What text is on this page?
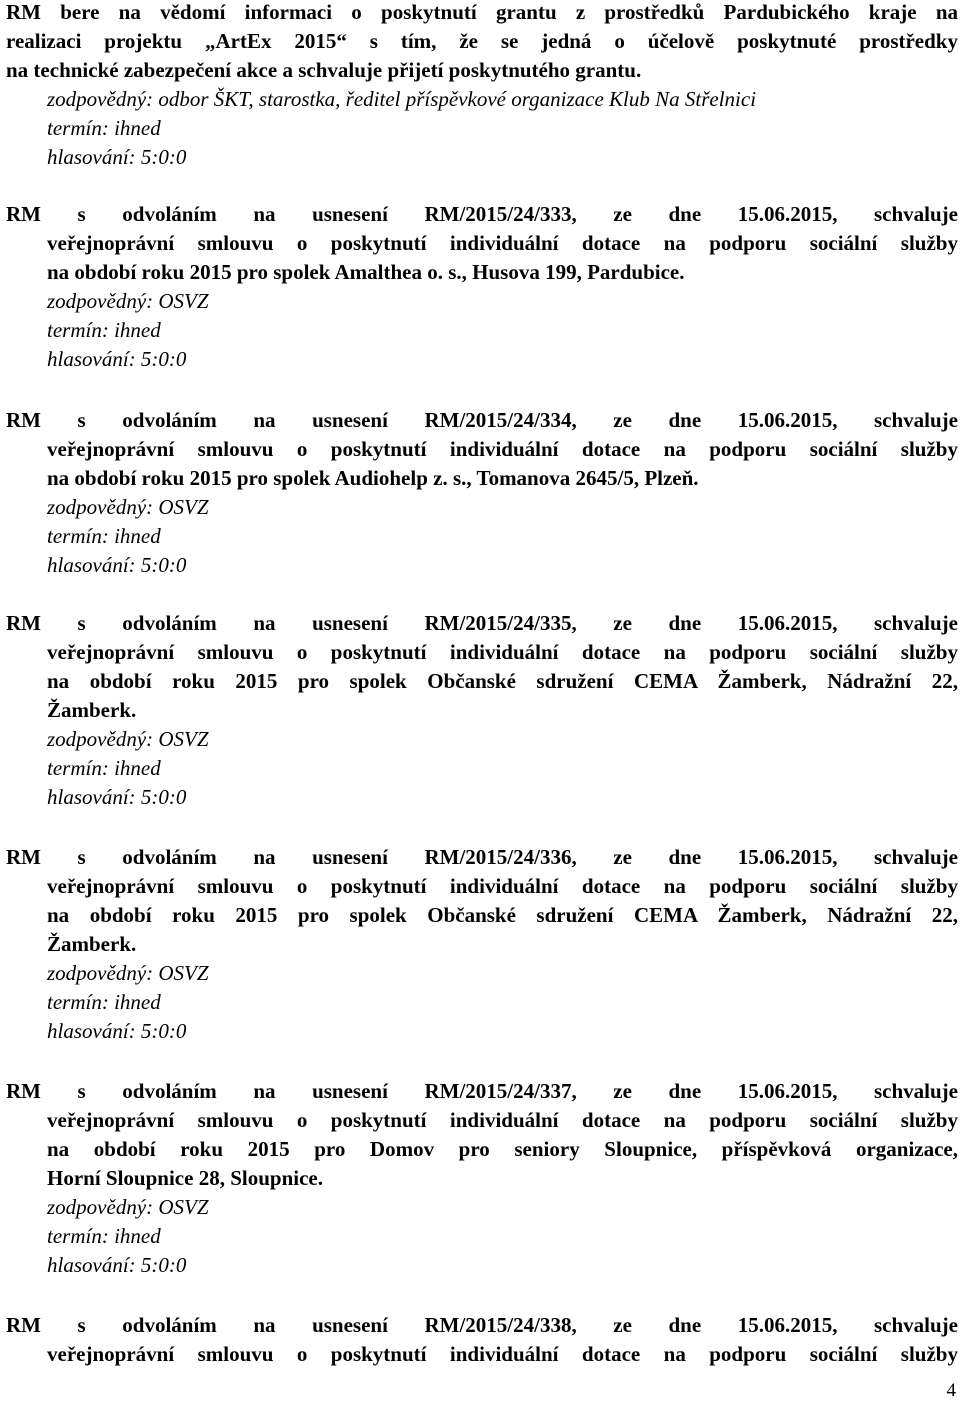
RM bere na vědomí informaci o poskytnutí grantu z prostředků Pardubického kraje na
realizaci projektu „ArtEx 2015“ s tím, že se jedná o účelově poskytnuté prostředky
na technické zabezpečení akce a schvaluje přijetí poskytnutého grantu.
zodpovědný: odbor ŠKT, starostka, ředitel příspěvkové organizace Klub Na Střelnici
termín: ihned
hlasování: 5:0:0
RM s odvoláním na usnesení RM/2015/24/333, ze dne 15.06.2015, schvaluje
veřejnoprávní smlouvu o poskytnutí individuální dotace na podporu sociální služby
na období roku 2015 pro spolek Amalthea o. s., Husova 199, Pardubice.
zodpovědný: OSVZ
termín: ihned
hlasování: 5:0:0
RM s odvoláním na usnesení RM/2015/24/334, ze dne 15.06.2015, schvaluje
veřejnoprávní smlouvu o poskytnutí individuální dotace na podporu sociální služby
na období roku 2015 pro spolek Audiohelp z. s., Tomanova 2645/5, Plzeň.
zodpovědný: OSVZ
termín: ihned
hlasování: 5:0:0
RM s odvoláním na usnesení RM/2015/24/335, ze dne 15.06.2015, schvaluje
veřejnoprávní smlouvu o poskytnutí individuální dotace na podporu sociální služby
na období roku 2015 pro spolek Občanské sdružení CEMA Žamberk, Nádražní 22,
Žamberk.
zodpovědný: OSVZ
termín: ihned
hlasování: 5:0:0
RM s odvoláním na usnesení RM/2015/24/336, ze dne 15.06.2015, schvaluje
veřejnoprávní smlouvu o poskytnutí individuální dotace na podporu sociální služby
na období roku 2015 pro spolek Občanské sdružení CEMA Žamberk, Nádražní 22,
Žamberk.
zodpovědný: OSVZ
termín: ihned
hlasování: 5:0:0
RM s odvoláním na usnesení RM/2015/24/337, ze dne 15.06.2015, schvaluje
veřejnoprávní smlouvu o poskytnutí individuální dotace na podporu sociální služby
na období roku 2015 pro Domov pro seniory Sloupnice, příspěvková organizace,
Horní Sloupnice 28, Sloupnice.
zodpovědný: OSVZ
termín: ihned
hlasování: 5:0:0
RM s odvoláním na usnesení RM/2015/24/338, ze dne 15.06.2015, schvaluje
veřejnoprávní smlouvu o poskytnutí individuální dotace na podporu sociální služby
4
